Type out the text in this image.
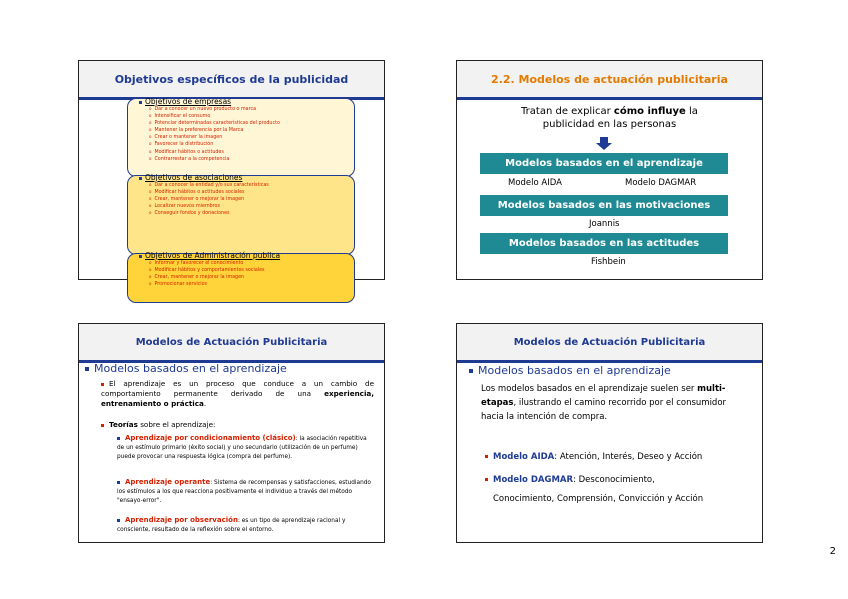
Objetivos específicos de la publicidad
Objetivos de empresas
o Dar a conocer un nuevo producto o marca
o Intensificar el consumo
o Potenciar determinadas características del producto
o Mantener la preferencia por la Marca
o Crear o mantener la imagen
o Favorecer la distribución
o Modificar hábitos o actitudes
o Contrarrestar a la competencia
Objetivos de asociaciones
o Dar a conocer la entidad y/o sus características
o Modificar hábitos o actitudes sociales
o Crear, mantener o mejorar la imagen
o Localizar nuevos miembros
o Conseguir fondos y donaciones
Objetivos de Administración publica
o Informar y favorecer el conocimiento
o Modificar hábitos y comportamientos sociales
o Crear, mantener o mejorar la imagen
o Promocionar servicios
2.2. Modelos de actuación publicitaria
Tratan de explicar cómo influye la
publicidad en las personas
Modelos basados en el aprendizaje
Modelo AIDA	Modelo DAGMAR
Modelos basados en las motivaciones
Joannis
Modelos basados en las actitudes
Fishbein
Modelos de Actuación Publicitaria
Modelos basados en el aprendizaje
El aprendizaje es un proceso que conduce a un cambio de comportamiento permanente derivado de una experiencia, entrenamiento o práctica.
Teorías sobre el aprendizaje:
Aprendizaje por condicionamiento (clásico): la asociación repetitiva de un estímulo primario (éxito social) y uno secundario (utilización de un perfume) puede provocar una respuesta lógica (compra del perfume).
Aprendizaje operante: Sistema de recompensas y satisfacciones, estudiando los estímulos a los que reacciona positivamente el individuo a través del método "ensayo-error".
Aprendizaje por observación: es un tipo de aprendizaje racional y consciente, resultado de la reflexión sobre el entorno.
Modelos de Actuación Publicitaria
Modelos basados en el aprendizaje
Los modelos basados en el aprendizaje suelen ser multi-etapas, ilustrando el camino recorrido por el consumidor hacia la intención de compra.
Modelo AIDA: Atención, Interés, Deseo y Acción
Modelo DAGMAR: Desconocimiento,
Conocimiento, Comprensión, Convicción y Acción
2
